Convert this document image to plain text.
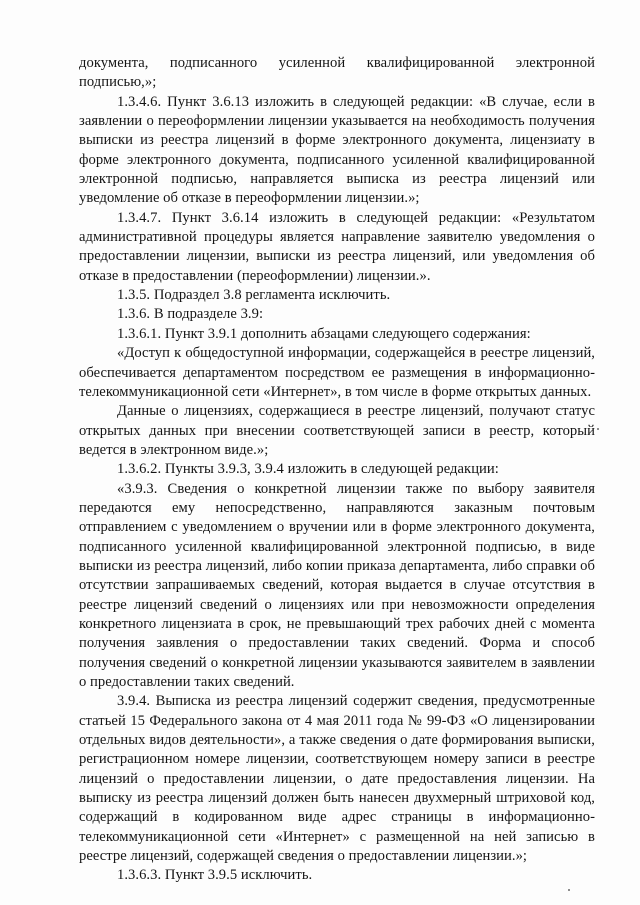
документа, подписанного усиленной квалифицированной электронной подписью,»;

1.3.4.6. Пункт 3.6.13 изложить в следующей редакции: «В случае, если в заявлении о переоформлении лицензии указывается на необходимость получения выписки из реестра лицензий в форме электронного документа, лицензиату в форме электронного документа, подписанного усиленной квалифицированной электронной подписью, направляется выписка из реестра лицензий или уведомление об отказе в переоформлении лицензии.»;

1.3.4.7. Пункт 3.6.14 изложить в следующей редакции: «Результатом административной процедуры является направление заявителю уведомления о предоставлении лицензии, выписки из реестра лицензий, или уведомления об отказе в предоставлении (переоформлении) лицензии.».

1.3.5. Подраздел 3.8 регламента исключить.

1.3.6. В подразделе 3.9:

1.3.6.1. Пункт 3.9.1 дополнить абзацами следующего содержания:

«Доступ к общедоступной информации, содержащейся в реестре лицензий, обеспечивается департаментом посредством ее размещения в информационно-телекоммуникационной сети «Интернет», в том числе в форме открытых данных.

Данные о лицензиях, содержащиеся в реестре лицензий, получают статус открытых данных при внесении соответствующей записи в реестр, который ведется в электронном виде.»;

1.3.6.2. Пункты 3.9.3, 3.9.4 изложить в следующей редакции:

«3.9.3. Сведения о конкретной лицензии также по выбору заявителя передаются ему непосредственно, направляются заказным почтовым отправлением с уведомлением о вручении или в форме электронного документа, подписанного усиленной квалифицированной электронной подписью, в виде выписки из реестра лицензий, либо копии приказа департамента, либо справки об отсутствии запрашиваемых сведений, которая выдается в случае отсутствия в реестре лицензий сведений о лицензиях или при невозможности определения конкретного лицензиата в срок, не превышающий трех рабочих дней с момента получения заявления о предоставлении таких сведений. Форма и способ получения сведений о конкретной лицензии указываются заявителем в заявлении о предоставлении таких сведений.

3.9.4. Выписка из реестра лицензий содержит сведения, предусмотренные статьей 15 Федерального закона от 4 мая 2011 года № 99-ФЗ «О лицензировании отдельных видов деятельности», а также сведения о дате формирования выписки, регистрационном номере лицензии, соответствующем номеру записи в реестре лицензий о предоставлении лицензии, о дате предоставления лицензии. На выписку из реестра лицензий должен быть нанесен двухмерный штриховой код, содержащий в кодированном виде адрес страницы в информационно-телекоммуникационной сети «Интернет» с размещенной на ней записью в реестре лицензий, содержащей сведения о предоставлении лицензии.»;

1.3.6.3. Пункт 3.9.5 исключить.
